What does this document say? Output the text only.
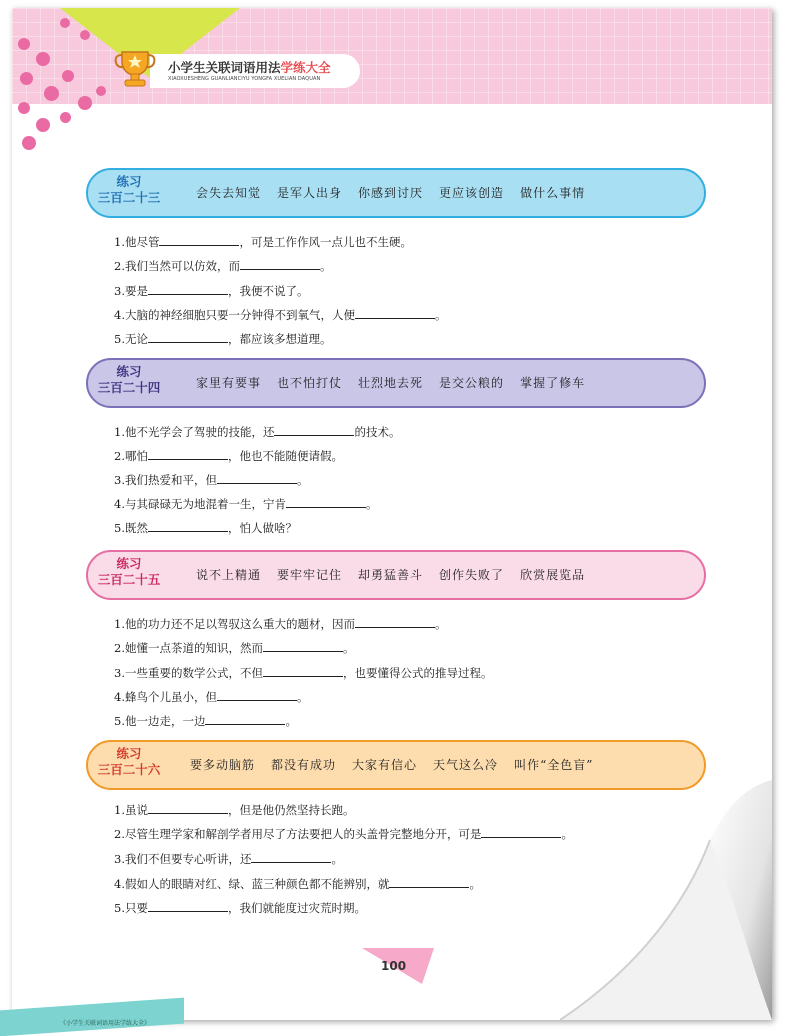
小学生关联词语用法学练大全
XIAOXUESHENG GUANLIANCIYU YONGFA XUELIAN DAQUAN
练习
三百二十三	会失去知觉 是军人出身 你感到讨厌 更应该创造 做什么事情
1.他尽管	，可是工作作风一点儿也不生硬。
2.我们当然可以仿效，而	。
3.要是	，我便不说了。
4.大脑的神经细胞只要一分钟得不到氧气，人便	。
5.无论	，都应该多想道理。
练习
三百二十四	家里有要事 也不怕打仗 壮烈地去死 是交公粮的 掌握了修车
1.他不光学会了驾驶的技能，还	的技术。
2.哪怕	，他也不能随便请假。
3.我们热爱和平，但	。
4.与其碌碌无为地混着一生，宁肯	。
5.既然	，怕人做啥？
练习
三百二十五	说不上精通 要牢牢记住 却勇猛善斗 创作失败了 欣赏展览品
1.他的功力还不足以驾驭这么重大的题材，因而	。
2.她懂一点茶道的知识，然而	。
3.一些重要的数学公式，不但	，也要懂得公式的推导过程。
4.蜂鸟个儿虽小，但	。
5.他一边走，一边	。
练习
三百二十六	要多动脑筋 都没有成功 大家有信心 天气这么冷 叫作“全色盲”
1.虽说	，但是他仍然坚持长跑。
2.尽管生理学家和解剖学者用尽了方法要把人的头盖骨完整地分开，可是	。
3.我们不但要专心听讲，还	。
4.假如人的眼睛对红、绿、蓝三种颜色都不能辨别，就	。
5.只要	，我们就能度过灾荒时期。
100
《小学生关联词语用法学练大全》
